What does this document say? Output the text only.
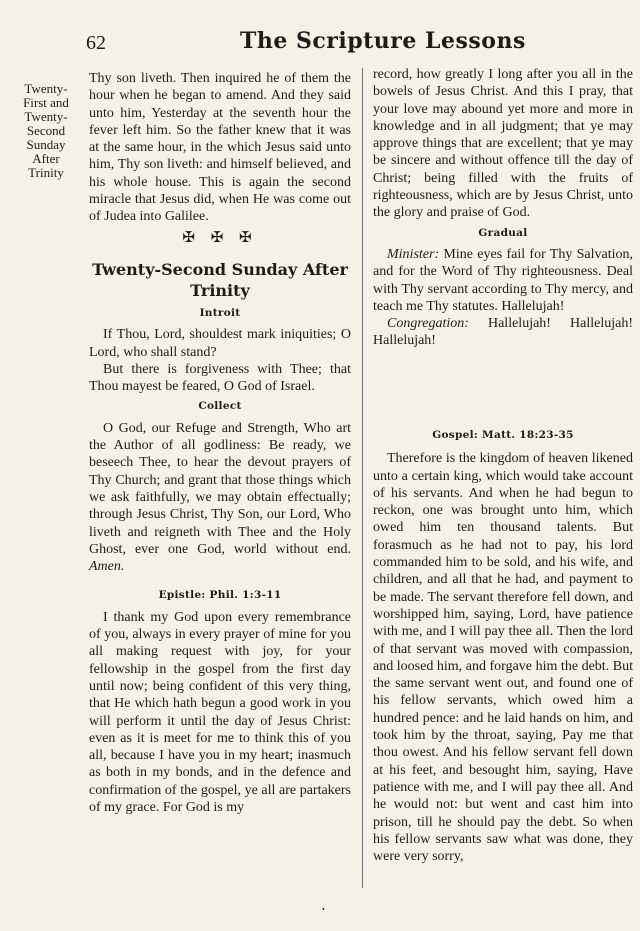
62	The Scripture Lessons
Twenty-
First and
Twenty-
Second
Sunday
After
Trinity

Thy son liveth. Then inquired he of them the hour when he began to amend. And they said unto him, Yesterday at the seventh hour the fever left him. So the father knew that it was at the same hour, in the which Jesus said unto him, Thy son liveth: and himself believed, and his whole house. This is again the second miracle that Jesus did, when He was come out of Judea into Galilee.

✠ ✠ ✠
Twenty-Second Sunday After Trinity
Introit

If Thou, Lord, shouldest mark iniquities; O Lord, who shall stand?

But there is forgiveness with Thee; that Thou mayest be feared, O God of Israel.

Collect

O God, our Refuge and Strength, Who art the Author of all godliness: Be ready, we beseech Thee, to hear the devout prayers of Thy Church; and grant that those things which we ask faithfully, we may obtain effectually; through Jesus Christ, Thy Son, our Lord, Who liveth and reigneth with Thee and the Holy Ghost, ever one God, world without end. Amen.

Epistle: Phil. 1:3-11

I thank my God upon every remembrance of you, always in every prayer of mine for you all making request with joy, for your fellowship in the gospel from the first day until now; being confident of this very thing, that He which hath begun a good work in you will perform it until the day of Jesus Christ: even as it is meet for me to think this of you all, because I have you in my heart; inasmuch as both in my bonds, and in the defence and confirmation of the gospel, ye all are partakers of my grace. For God is my

record, how greatly I long after you all in the bowels of Jesus Christ. And this I pray, that your love may abound yet more and more in knowledge and in all judgment; that ye may approve things that are excellent; that ye may be sincere and without offence till the day of Christ; being filled with the fruits of righteousness, which are by Jesus Christ, unto the glory and praise of God.

Gradual

Minister: Mine eyes fail for Thy Salvation, and for the Word of Thy righteousness. Deal with Thy servant according to Thy mercy, and teach me Thy statutes. Hallelujah!

Congregation: Hallelujah! Hallelujah! Hallelujah!

Gospel: Matt. 18:23-35

Therefore is the kingdom of heaven likened unto a certain king, which would take account of his servants. And when he had begun to reckon, one was brought unto him, which owed him ten thousand talents. But forasmuch as he had not to pay, his lord commanded him to be sold, and his wife, and children, and all that he had, and payment to be made. The servant therefore fell down, and worshipped him, saying, Lord, have patience with me, and I will pay thee all. Then the lord of that servant was moved with compassion, and loosed him, and forgave him the debt. But the same servant went out, and found one of his fellow servants, which owed him a hundred pence: and he laid hands on him, and took him by the throat, saying, Pay me that thou owest. And his fellow servant fell down at his feet, and besought him, saying, Have patience with me, and I will pay thee all. And he would not: but went and cast him into prison, till he should pay the debt. So when his fellow servants saw what was done, they were very sorry,

•
